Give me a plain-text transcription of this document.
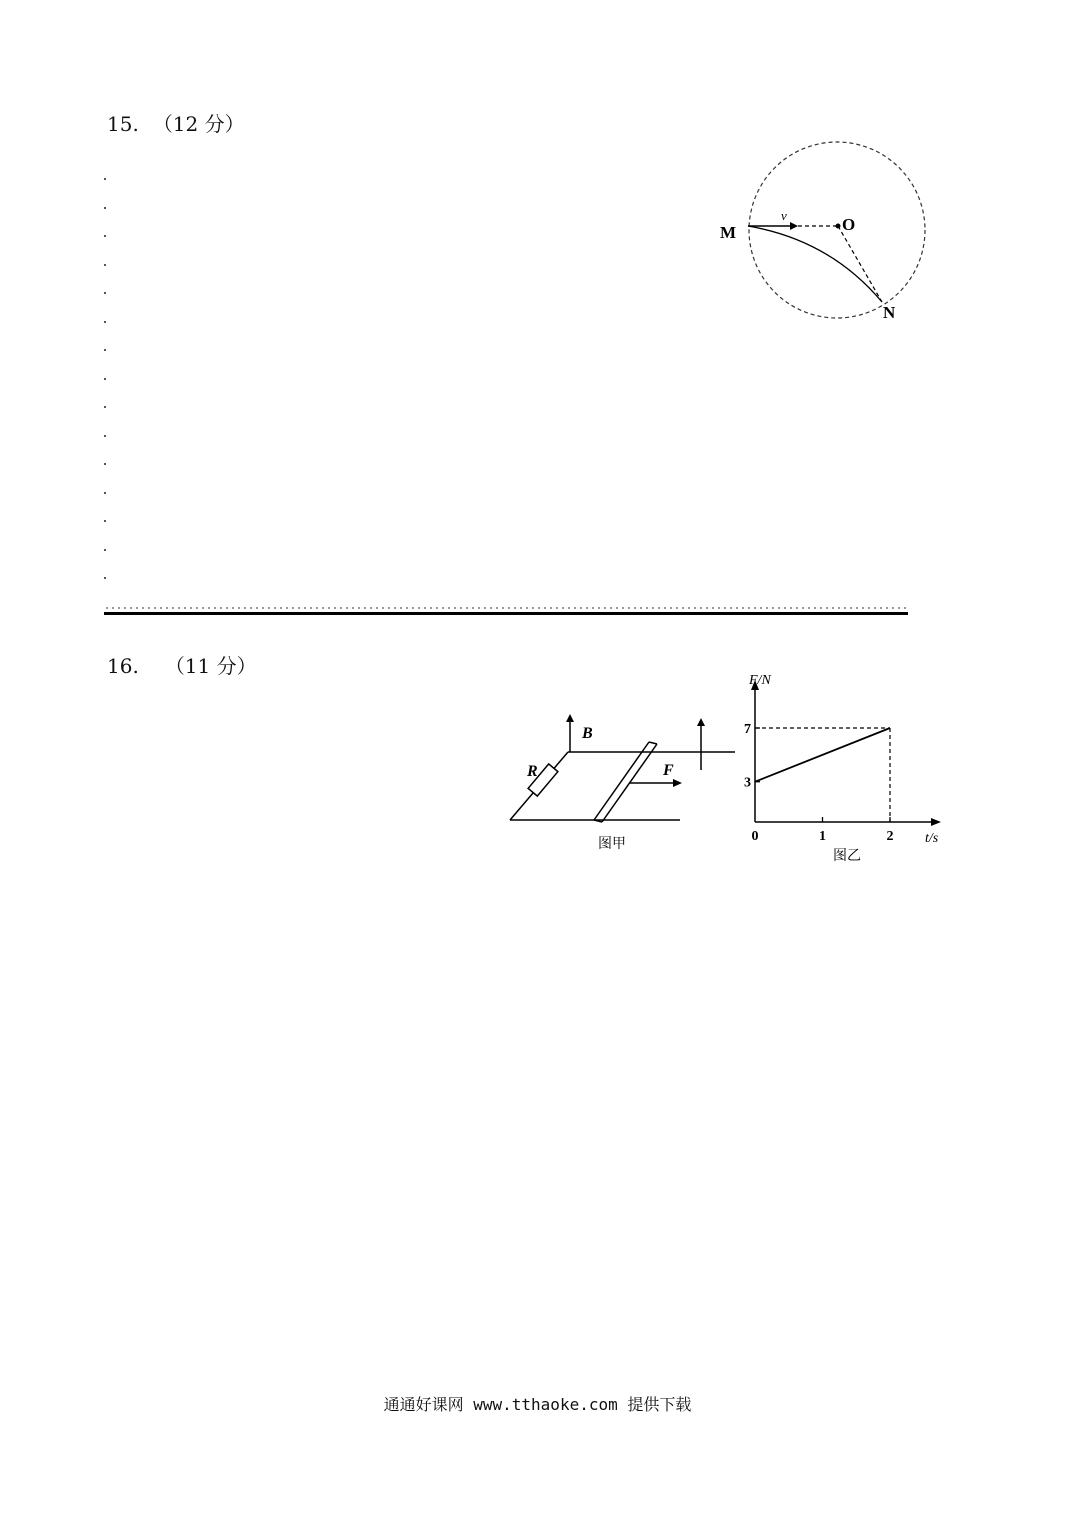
15. （12 分）
M
v	O
N
16. （11 分）
B
R	F
图甲
F/N
t/s
7
3
0	1	2
图乙
通通好课网 www.tthaoke.com 提供下载
